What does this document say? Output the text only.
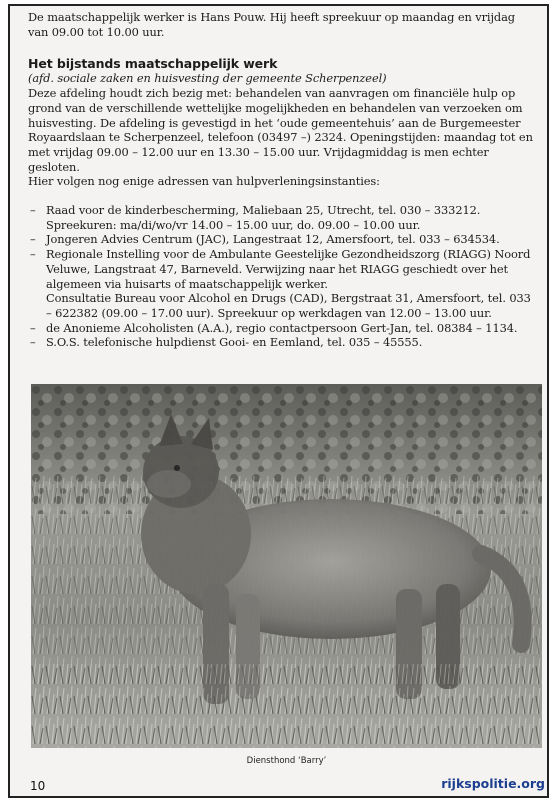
De maatschappelijk werker is Hans Pouw. Hij heeft spreekuur op maandag en vrijdag van 09.00 tot 10.00 uur.

Het bijstands maatschappelijk werk

(afd. sociale zaken en huisvesting der gemeente Scherpenzeel)

Deze afdeling houdt zich bezig met: behandelen van aanvragen om financiële hulp op grond van de verschillende wettelijke mogelijkheden en behandelen van verzoeken om huisvesting. De afdeling is gevestigd in het ‘oude gemeentehuis’ aan de Burgemeester Royaardslaan te Scherpenzeel, telefoon (03497 –) 2324. Openingstijden: maandag tot en met vrijdag 09.00 – 12.00 uur en 13.30 – 15.00 uur. Vrijdagmiddag is men echter gesloten.

Hier volgen nog enige adressen van hulpverleningsinstanties:

– Raad voor de kinderbescherming, Maliebaan 25, Utrecht, tel. 030 – 333212. Spreekuren: ma/di/wo/vr 14.00 – 15.00 uur, do. 09.00 – 10.00 uur.
– Jongeren Advies Centrum (JAC), Langestraat 12, Amersfoort, tel. 033 – 634534.
– Regionale Instelling voor de Ambulante Geestelijke Gezondheidszorg (RIAGG) Noord Veluwe, Langstraat 47, Barneveld. Verwijzing naar het RIAGG geschiedt over het algemeen via huisarts of maatschappelijk werker.
Consultatie Bureau voor Alcohol en Drugs (CAD), Bergstraat 31, Amersfoort, tel. 033 – 622382 (09.00 – 17.00 uur). Spreekuur op werkdagen van 12.00 – 13.00 uur.
– de Anonieme Alcoholisten (A.A.), regio contactpersoon Gert-Jan, tel. 08384 – 1134.
– S.O.S. telefonische hulpdienst Gooi- en Eemland, tel. 035 – 45555.
Diensthond ‘Barry’
10	rijkspolitie.org
